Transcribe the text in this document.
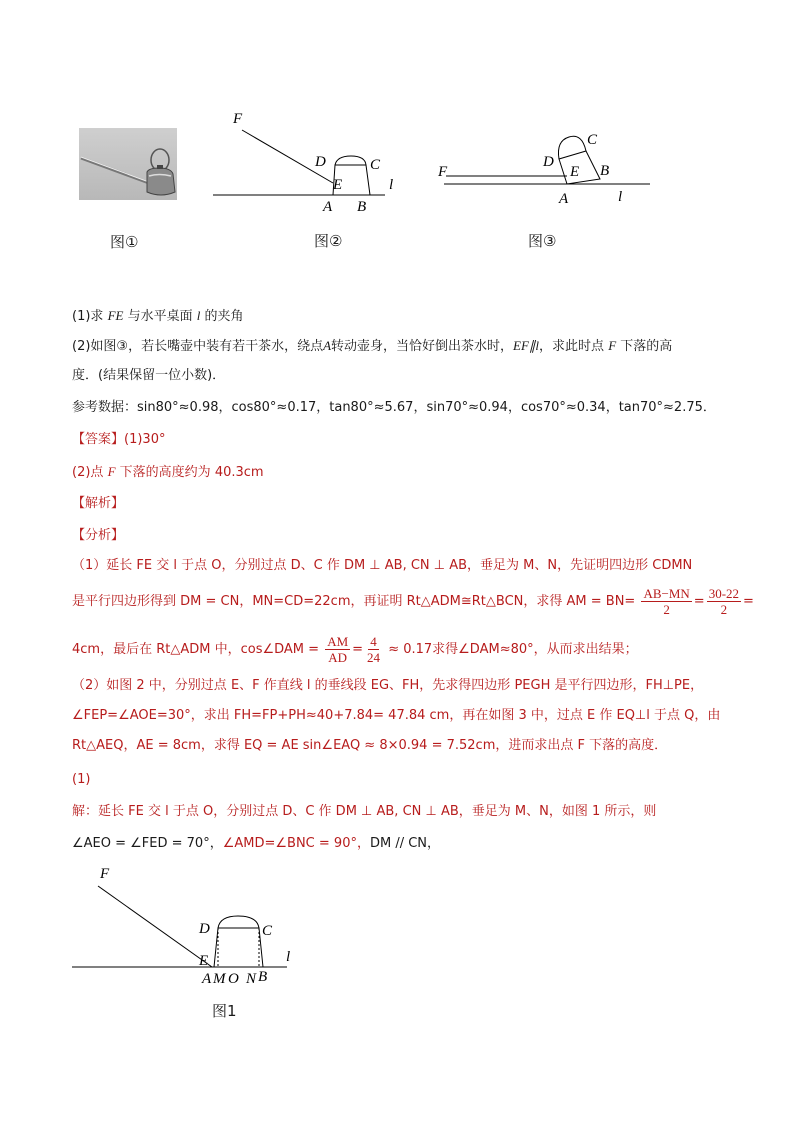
图①
F
D	C
E	l
A B
图②
F
D
C
E B
A	l
图③
(1)求 FE 与水平桌面 l 的夹角
(2)如图③，若长嘴壶中装有若干茶水，绕点A转动壶身，当恰好倒出茶水时，EF∥l，求此时点 F 下落的高
度．(结果保留一位小数)．
参考数据：sin80°≈0.98，cos80°≈0.17，tan80°≈5.67，sin70°≈0.94，cos70°≈0.34，tan70°≈2.75．
【答案】(1)30°
(2)点 F 下落的高度约为 40.3cm
【解析】
【分析】
（1）延长 FE 交 l 于点 O，分别过点 D、C 作 DM ⊥ AB, CN ⊥ AB，垂足为 M、N，先证明四边形 CDMN
是平行四边形得到 DM = CN，MN=CD=22cm，再证明 Rt△ADM≅Rt△BCN，求得 AM = $BN= \frac{AB-MN}{2} = \frac{30-22}{2}$ =
4cm，最后在 Rt△ADM 中，cos∠DAM = $\frac{AM}{AD} = \frac{4}{24} \approx 0.17$求得∠DAM≈80°，从而求出结果；
（2）如图 2 中，分别过点 E、F 作直线 l 的垂线段 EG、FH，先求得四边形 PEGH 是平行四边形，FH⊥PE，
∠FEP=∠AOE=30°，求出 FH=FP+PH≈40+7.84= 47.84 cm，再在如图 3 中，过点 E 作 EQ⊥l 于点 Q，由
Rt△AEQ，AE = 8cm，求得 EQ = AE sin∠EAQ ≈ 8×0.94 = 7.52cm，进而求出点 F 下落的高度．
(1)
解：延长 FE 交 l 于点 O，分别过点 D、C 作 DM ⊥ AB, CN ⊥ AB，垂足为 M、N，如图 1 所示，则
∠AEO = ∠FED = 70°，∠AMD=∠BNC = 90°，DM // CN，
F
D	C
E	l
A M O N B
图1
